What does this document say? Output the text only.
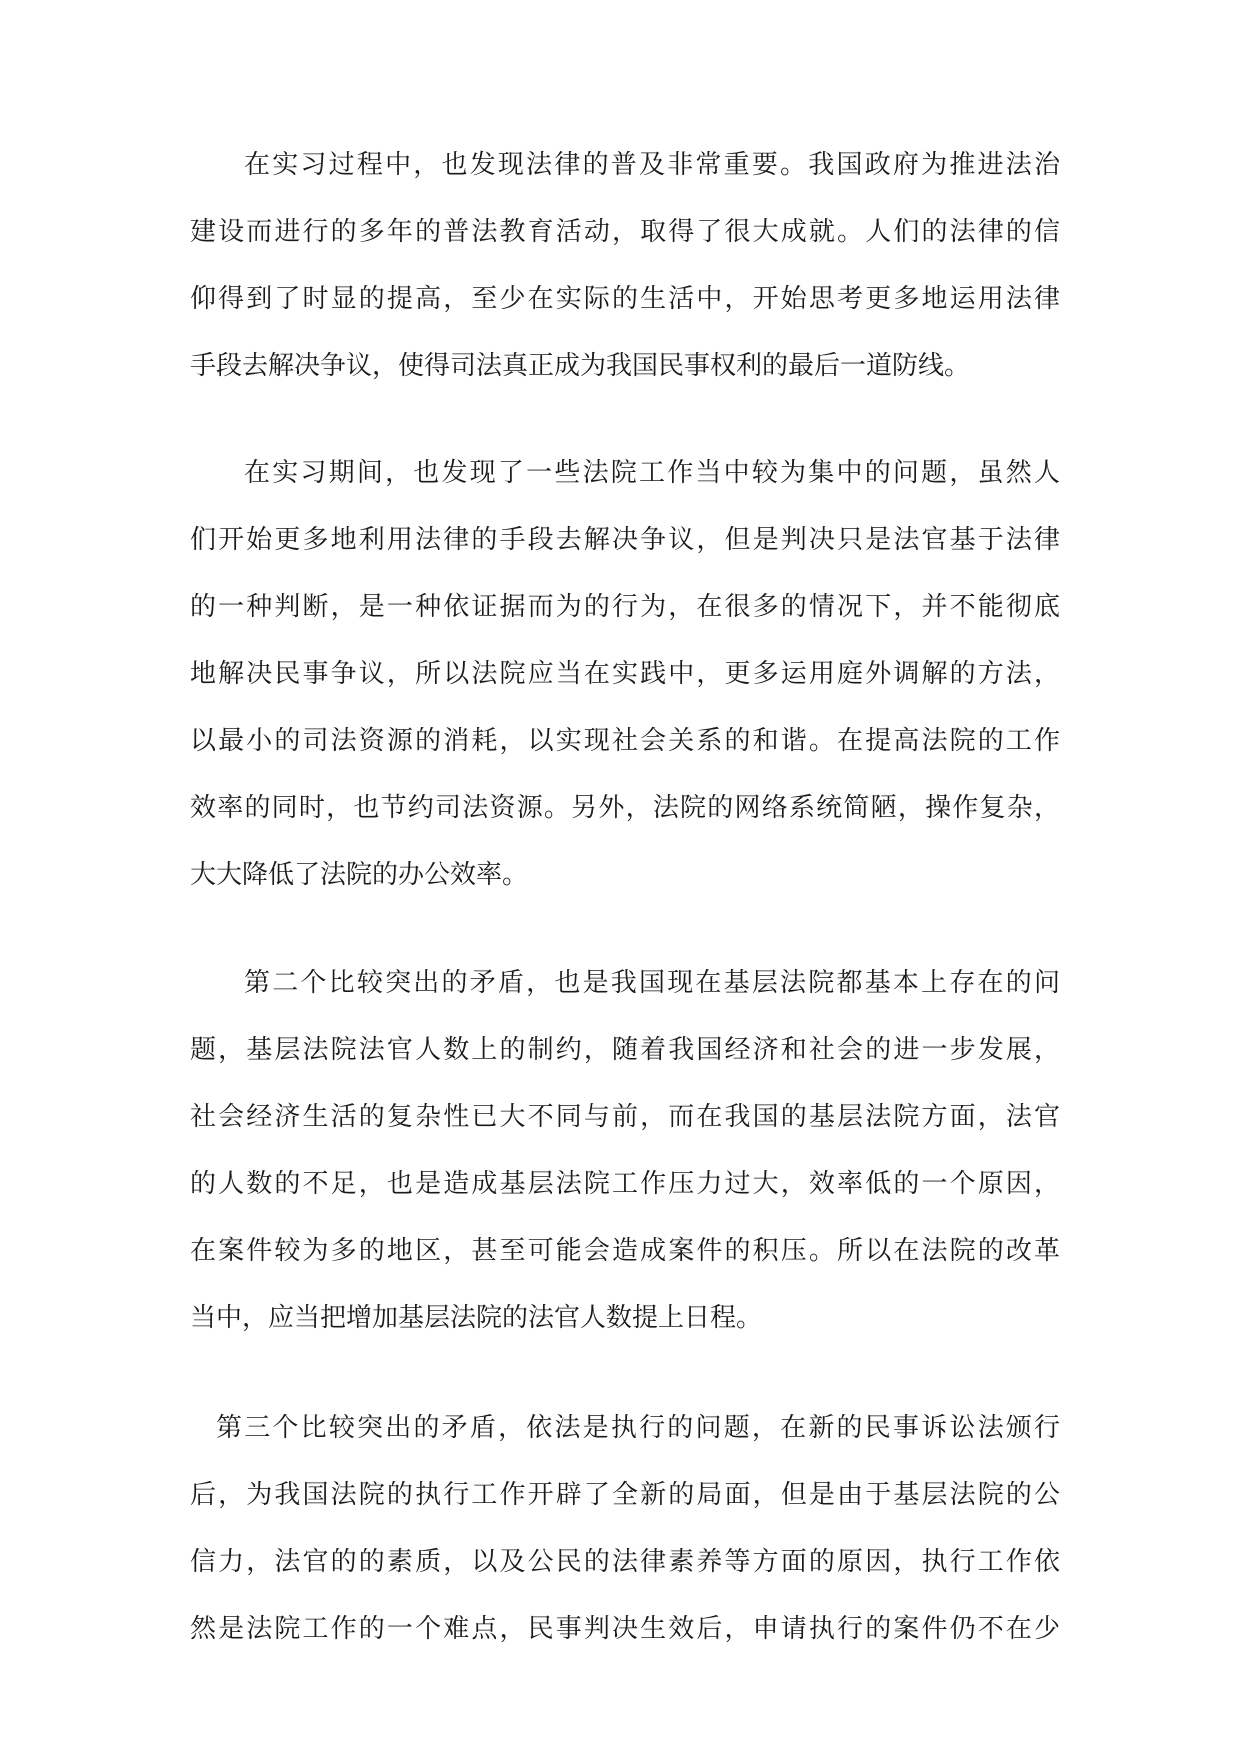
在实习过程中，也发现法律的普及非常重要。我国政府为推进法治
建设而进行的多年的普法教育活动，取得了很大成就。人们的法律的信
仰得到了时显的提高，至少在实际的生活中，开始思考更多地运用法律
手段去解决争议，使得司法真正成为我国民事权利的最后一道防线。
在实习期间，也发现了一些法院工作当中较为集中的问题，虽然人
们开始更多地利用法律的手段去解决争议，但是判决只是法官基于法律
的一种判断，是一种依证据而为的行为，在很多的情况下，并不能彻底
地解决民事争议，所以法院应当在实践中，更多运用庭外调解的方法，
以最小的司法资源的消耗，以实现社会关系的和谐。在提高法院的工作
效率的同时，也节约司法资源。另外，法院的网络系统简陋，操作复杂，
大大降低了法院的办公效率。
第二个比较突出的矛盾，也是我国现在基层法院都基本上存在的问
题，基层法院法官人数上的制约，随着我国经济和社会的进一步发展，
社会经济生活的复杂性已大不同与前，而在我国的基层法院方面，法官
的人数的不足，也是造成基层法院工作压力过大，效率低的一个原因，
在案件较为多的地区，甚至可能会造成案件的积压。所以在法院的改革
当中，应当把增加基层法院的法官人数提上日程。
第三个比较突出的矛盾，依法是执行的问题，在新的民事诉讼法颁行
后，为我国法院的执行工作开辟了全新的局面，但是由于基层法院的公
信力，法官的的素质，以及公民的法律素养等方面的原因，执行工作依
然是法院工作的一个难点，民事判决生效后，申请执行的案件仍不在少
